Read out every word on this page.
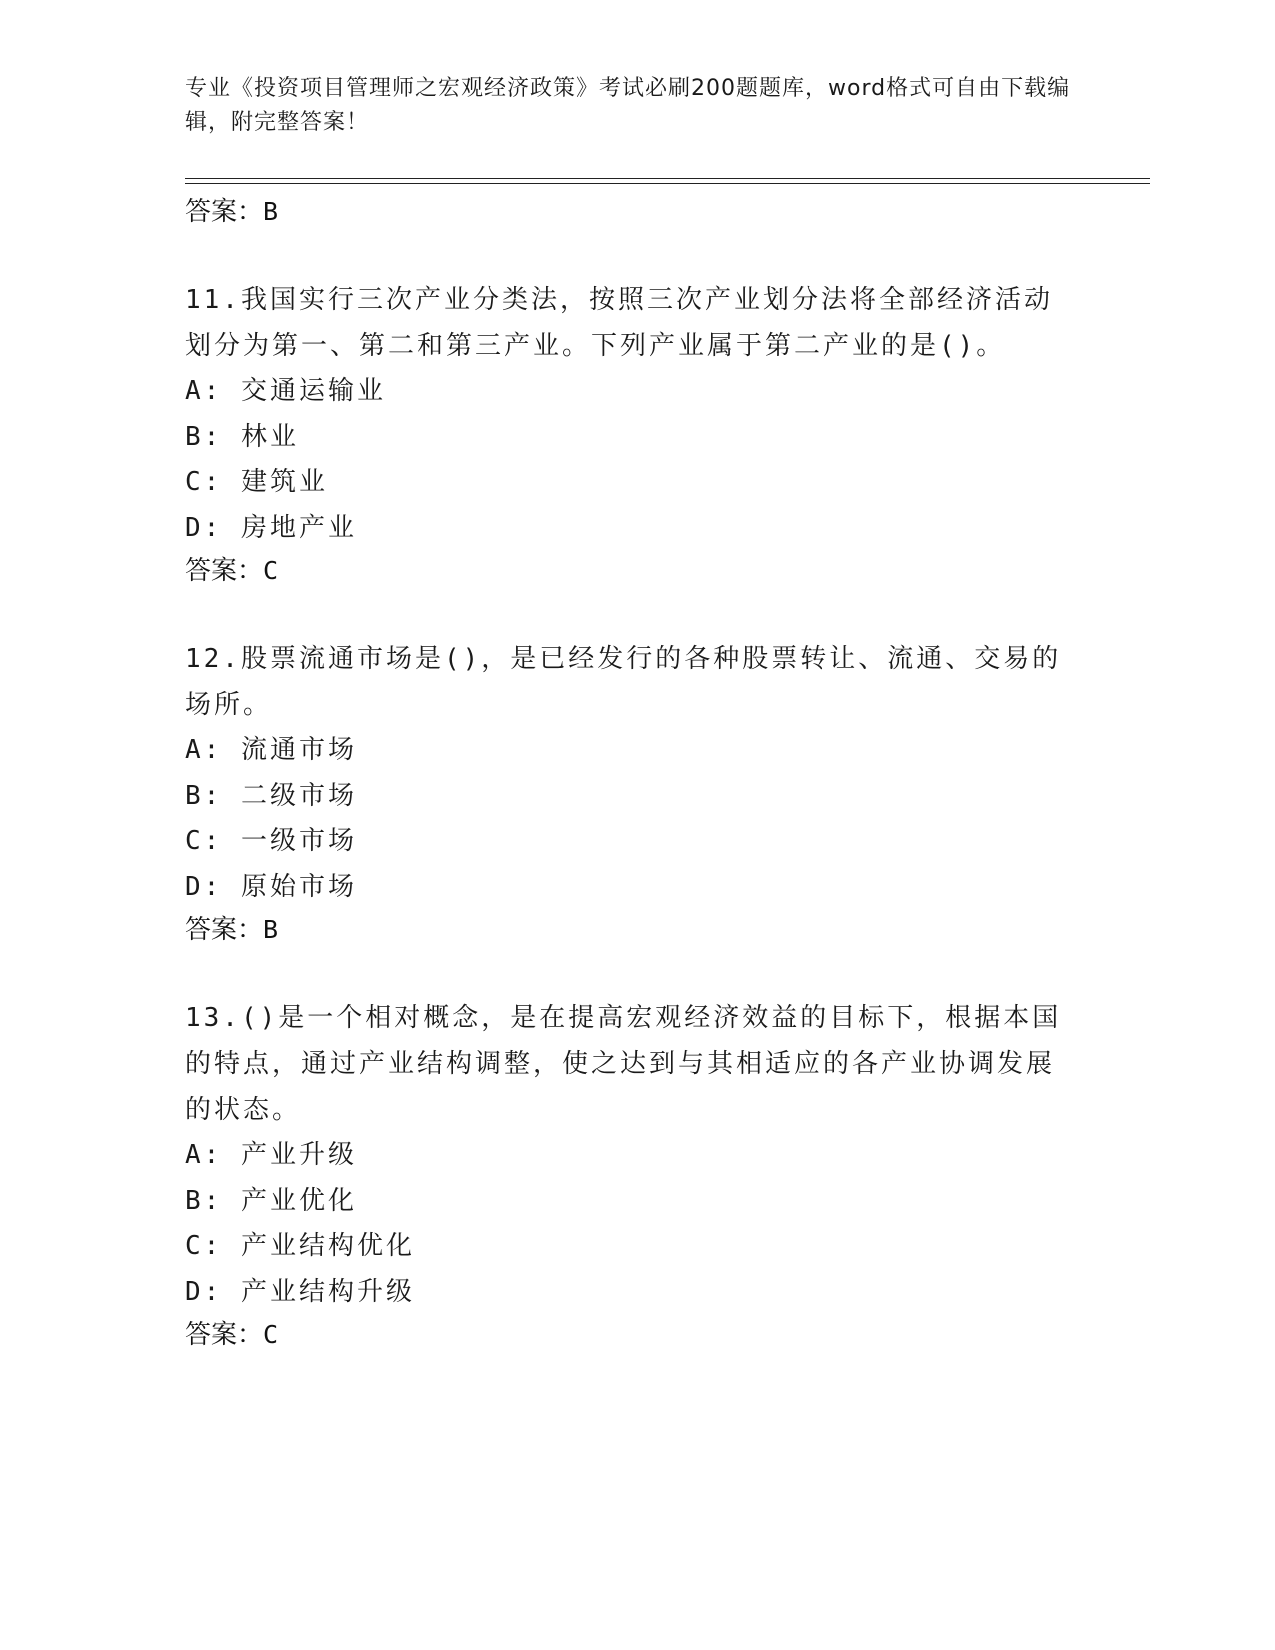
专业《投资项目管理师之宏观经济政策》考试必刷200题题库，word格式可自由下载编辑，附完整答案！
答案：B
11.我国实行三次产业分类法，按照三次产业划分法将全部经济活动划分为第一、第二和第三产业。下列产业属于第二产业的是()。
A: 交通运输业
B: 林业
C: 建筑业
D: 房地产业
答案：C
12.股票流通市场是()，是已经发行的各种股票转让、流通、交易的场所。
A: 流通市场
B: 二级市场
C: 一级市场
D: 原始市场
答案：B
13.()是一个相对概念，是在提高宏观经济效益的目标下，根据本国的特点，通过产业结构调整，使之达到与其相适应的各产业协调发展的状态。
A: 产业升级
B: 产业优化
C: 产业结构优化
D: 产业结构升级
答案：C
